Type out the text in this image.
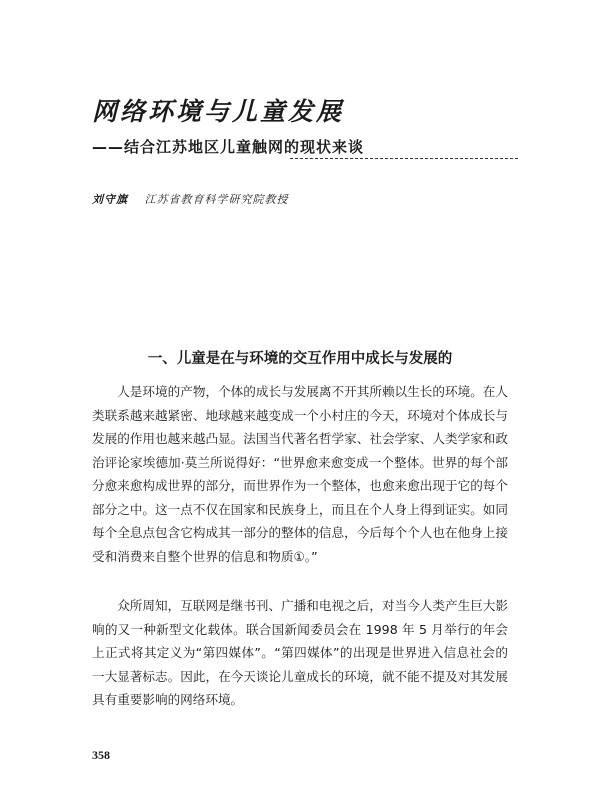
网络环境与儿童发展
——结合江苏地区儿童触网的现状来谈
刘守旗 江苏省教育科学研究院教授
一、儿童是在与环境的交互作用中成长与发展的

人是环境的产物，个体的成长与发展离不开其所赖以生长的环境。在人类联系越来越紧密、地球越来越变成一个小村庄的今天，环境对个体成长与发展的作用也越来越凸显。法国当代著名哲学家、社会学家、人类学家和政治评论家埃德加·莫兰所说得好：“世界愈来愈变成一个整体。世界的每个部分愈来愈构成世界的部分，而世界作为一个整体，也愈来愈出现于它的每个部分之中。这一点不仅在国家和民族身上，而且在个人身上得到证实。如同每个全息点包含它构成其一部分的整体的信息，今后每个个人也在他身上接受和消费来自整个世界的信息和物质①。”

众所周知，互联网是继书刊、广播和电视之后，对当今人类产生巨大影响的又一种新型文化载体。联合国新闻委员会在 1998 年 5 月举行的年会上正式将其定义为“第四媒体”。“第四媒体”的出现是世界进入信息社会的一大显著标志。因此，在今天谈论儿童成长的环境，就不能不提及对其发展具有重要影响的网络环境。

358
